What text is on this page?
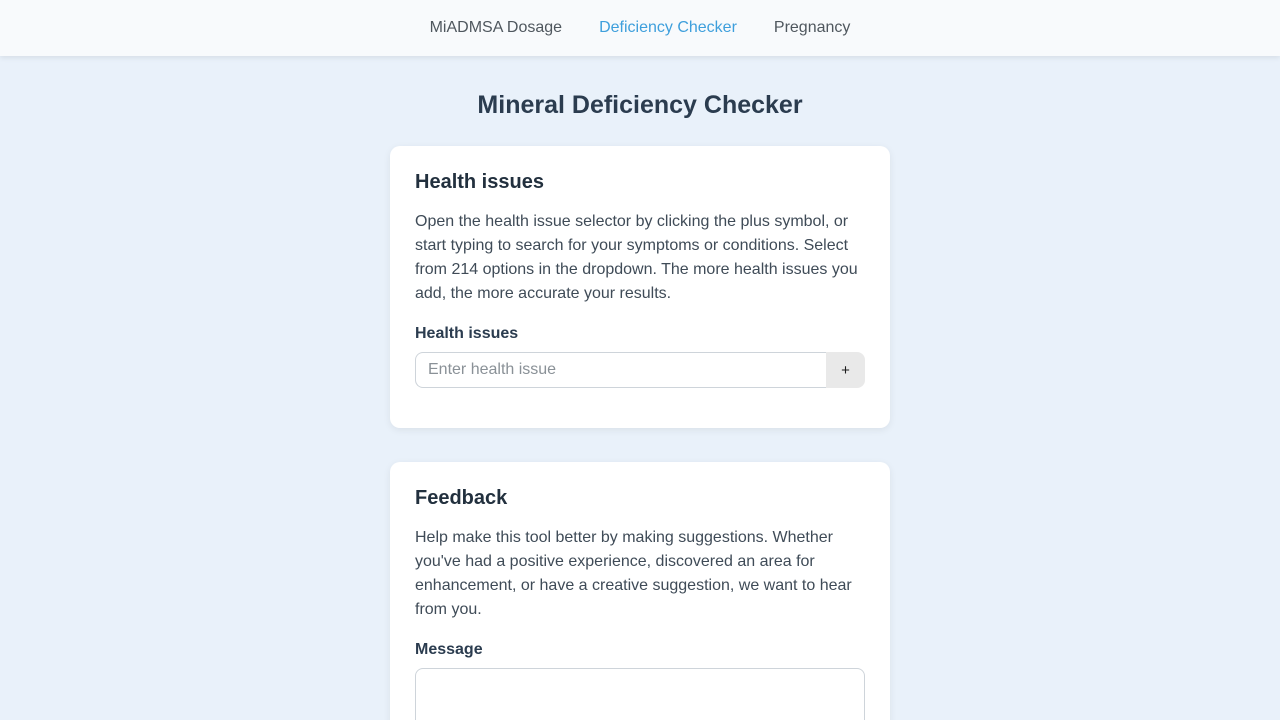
MiADMSA Dosage Deficiency Checker Pregnancy
Mineral Deficiency Checker
Health issues

Open the health issue selector by clicking the plus symbol, or start typing to search for your symptoms or conditions. Select from 214 options in the dropdown. The more health issues you add, the more accurate your results.

Health issues
Enter health issue
+
Feedback

Help make this tool better by making suggestions. Whether you've had a positive experience, discovered an area for enhancement, or have a creative suggestion, we want to hear from you.

Message
